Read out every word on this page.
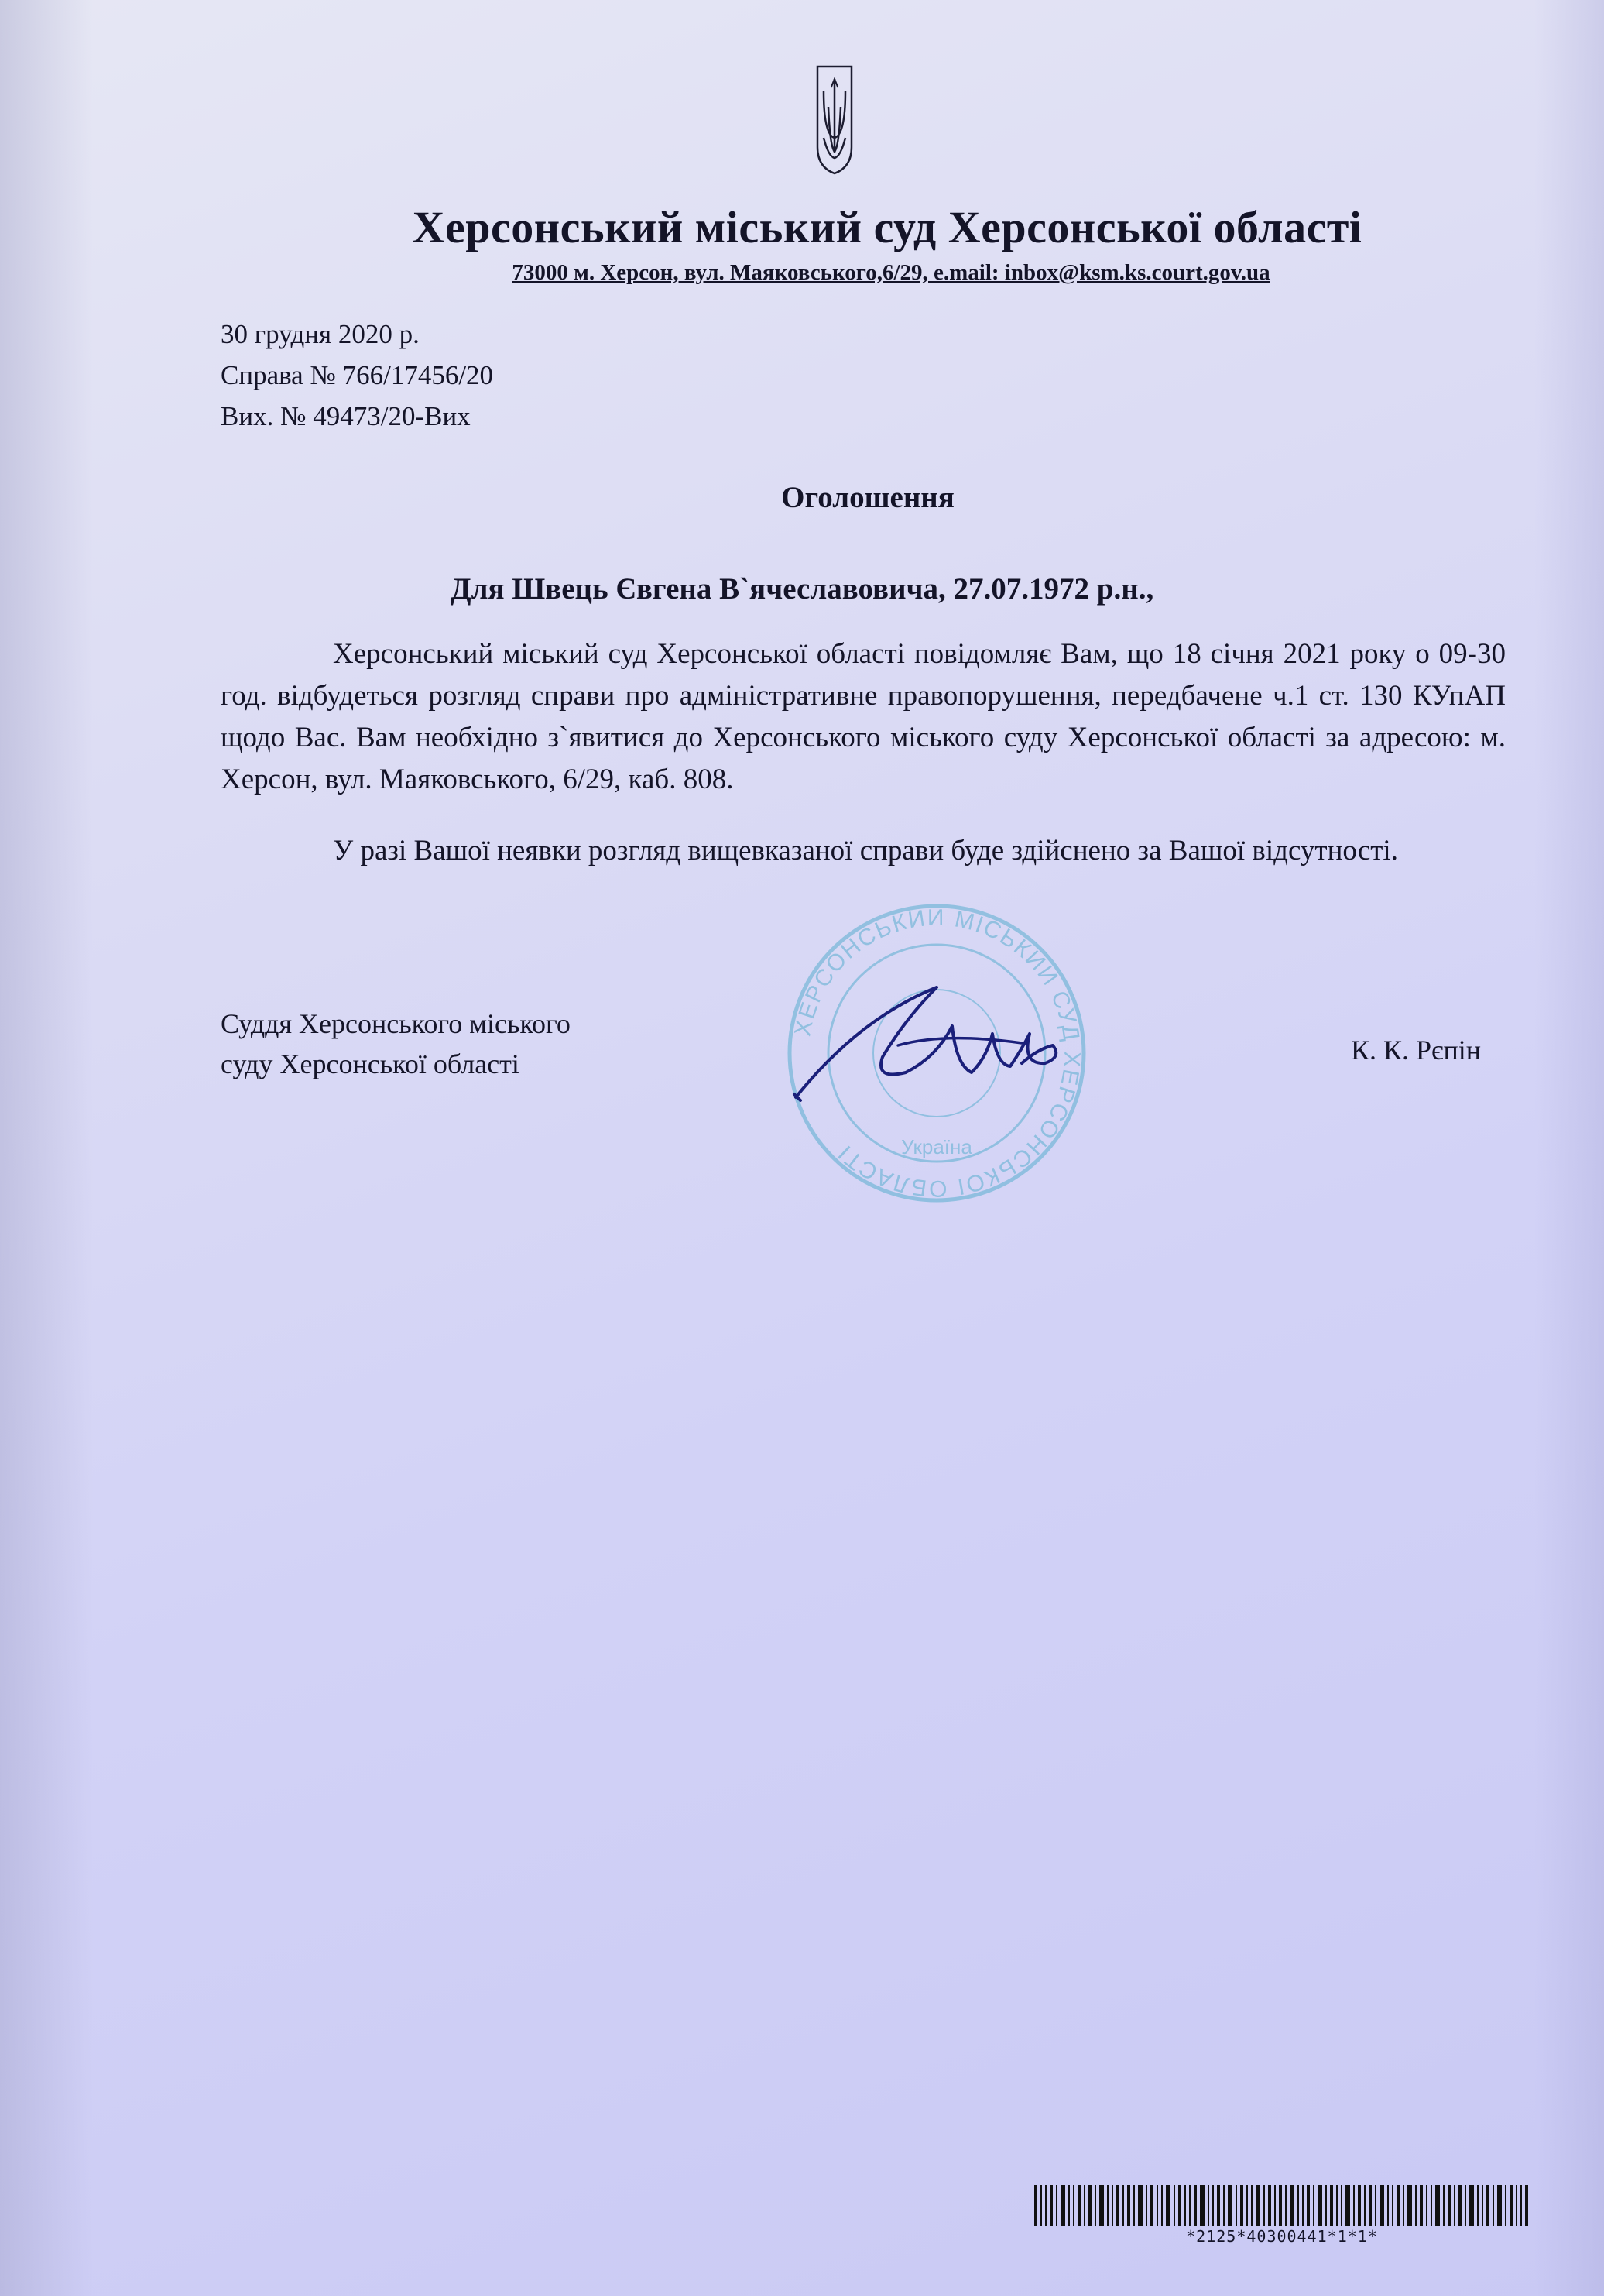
Херсонський міський суд Херсонської області
73000 м. Херсон, вул. Маяковського,6/29, e.mail: inbox@ksm.ks.court.gov.ua
30 грудня 2020 р.
Справа № 766/17456/20
Вих. № 49473/20-Вих
Оголошення
Для Швець Євгена В`ячеславовича, 27.07.1972 р.н.,
Херсонський міський суд Херсонської області повідомляє Вам, що 18 січня 2021 року о 09-30 год. відбудеться розгляд справи про адміністративне правопорушення, передбачене ч.1 ст. 130 КУпАП щодо Вас. Вам необхідно з`явитися до Херсонського міського суду Херсонської області за адресою: м. Херсон, вул. Маяковського, 6/29, каб. 808.
У разі Вашої неявки розгляд вищевказаної справи буде здійснено за Вашої відсутності.
Суддя Херсонського міського
суду Херсонської області
ХЕРСОНСЬКИЙ МІСЬКИЙ СУД ХЕРСОНСЬКОЇ ОБЛАСТІ	Україна
К. К. Рєпін
*2125*40300441*1*1*
